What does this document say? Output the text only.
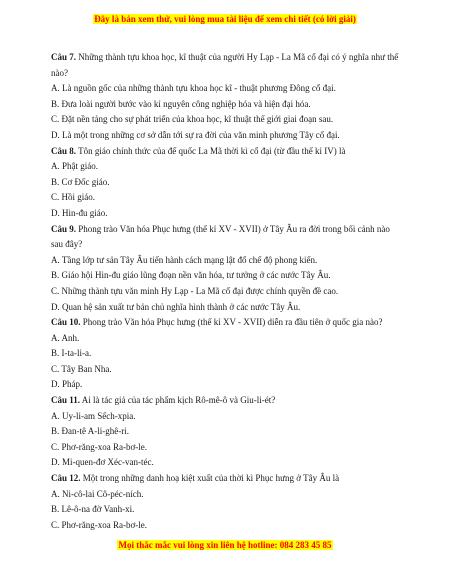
Đây là bản xem thử, vui lòng mua tài liệu để xem chi tiết (có lời giải)
Câu 7. Những thành tựu khoa học, kĩ thuật của người Hy Lạp - La Mã cổ đại có ý nghĩa như thế nào?
A. Là nguồn gốc của những thành tựu khoa học kĩ - thuật phương Đông cổ đại.
B. Đưa loài người bước vào kỉ nguyên công nghiệp hóa và hiện đại hóa.
C. Đặt nền tảng cho sự phát triển của khoa học, kĩ thuật thế giới giai đoạn sau.
D. Là một trong những cơ sở dẫn tới sự ra đời của văn minh phương Tây cổ đại.
Câu 8. Tôn giáo chính thức của đế quốc La Mã thời kì cổ đại (từ đầu thế kỉ IV) là
A. Phật giáo.
B. Cơ Đốc giáo.
C. Hồi giáo.
D. Hin-đu giáo.
Câu 9. Phong trào Văn hóa Phục hưng (thế kỉ XV - XVII) ở Tây Âu ra đời trong bối cảnh nào sau đây?
A. Tầng lớp tư sản Tây Âu tiến hành cách mạng lật đổ chế độ phong kiến.
B. Giáo hội Hin-đu giáo lũng đoạn nền văn hóa, tư tưởng ở các nước Tây Âu.
C. Những thành tựu văn minh Hy Lạp - La Mã cổ đại được chính quyền đề cao.
D. Quan hệ sản xuất tư bản chủ nghĩa hình thành ở các nước Tây Âu.
Câu 10. Phong trào Văn hóa Phục hưng (thế kỉ XV - XVII) diễn ra đầu tiên ở quốc gia nào?
A. Anh.
B. I-ta-li-a.
C. Tây Ban Nha.
D. Pháp.
Câu 11. Ai là tác giả của tác phẩm kịch Rô-mê-ô và Giu-li-ét?
A. Uy-li-am Sếch-xpia.
B. Đan-tê A-li-ghê-ri.
C. Phơ-răng-xoa Ra-bơ-le.
D. Mi-quen-đơ Xéc-van-téc.
Câu 12. Một trong những danh hoạ kiệt xuất của thời kì Phục hưng ở Tây Âu là
A. Ni-cô-lai Cô-péc-ních.
B. Lê-ô-na đờ Vanh-xi.
C. Phơ-răng-xoa Ra-bơ-le.
Mọi thắc mắc vui lòng xin liên hệ hotline: 084 283 45 85
